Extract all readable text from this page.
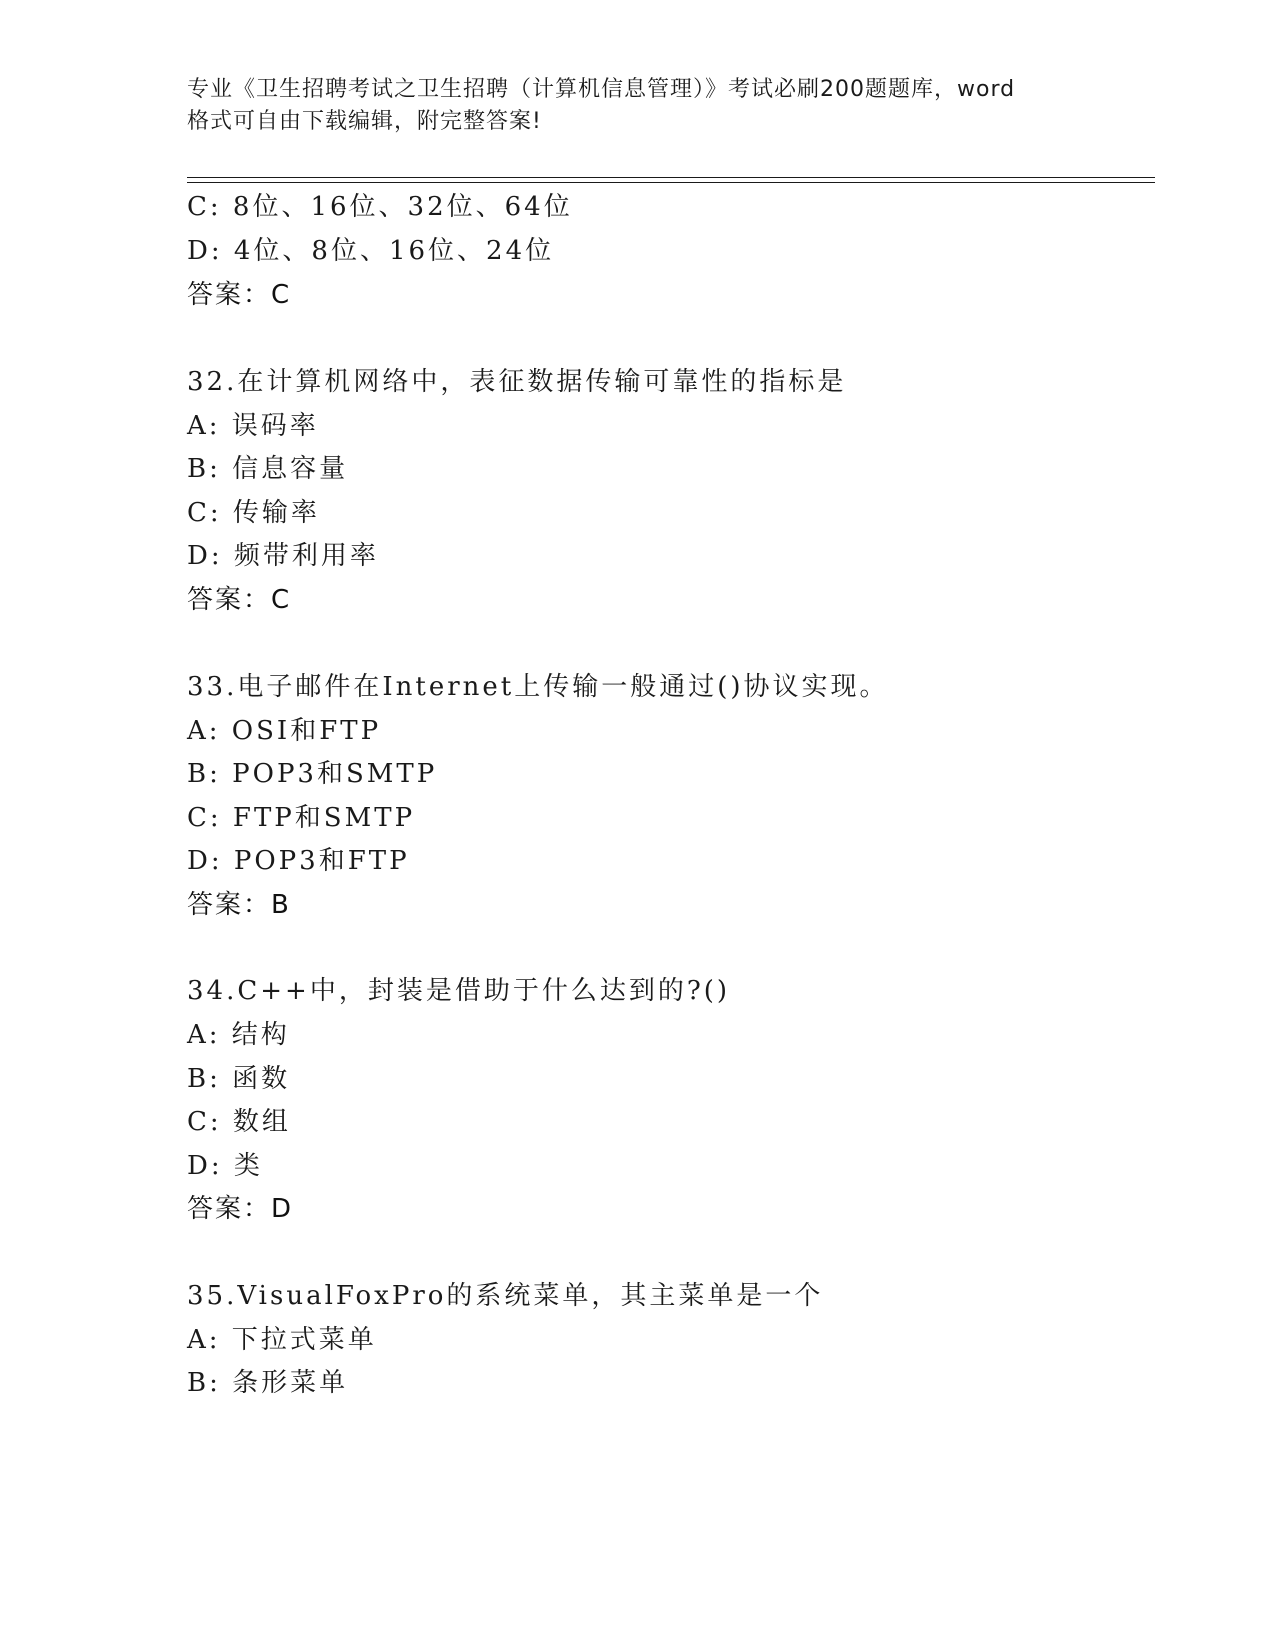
专业《卫生招聘考试之卫生招聘（计算机信息管理）》考试必刷200题题库，word
格式可自由下载编辑，附完整答案!
C: 8位、16位、32位、64位
D: 4位、8位、16位、24位
答案：C
32.在计算机网络中，表征数据传输可靠性的指标是
A: 误码率
B: 信息容量
C: 传输率
D: 频带利用率
答案：C
33.电子邮件在Internet上传输一般通过()协议实现。
A: OSI和FTP
B: POP3和SMTP
C: FTP和SMTP
D: POP3和FTP
答案：B
34.C++中，封装是借助于什么达到的?()
A: 结构
B: 函数
C: 数组
D: 类
答案：D
35.VisualFoxPro的系统菜单，其主菜单是一个
A: 下拉式菜单
B: 条形菜单
